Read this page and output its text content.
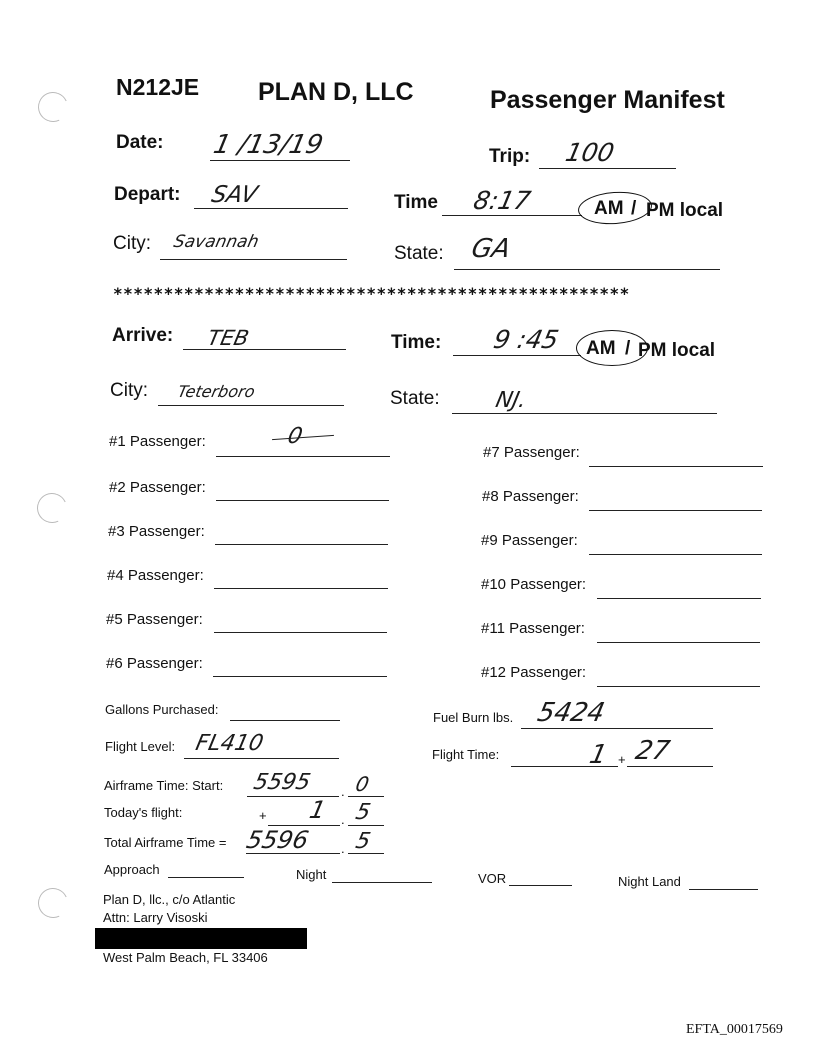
N212JE PLAN D, LLC	Passenger Manifest
Date: 1 /13/19	Trip: 100
Depart: SAV	Time 8:17	AM / PM local
City: Savannah
State: GA
***************************************************
Arrive: TEB	Time: 9 :45 AM / PM local
City: Teterboro	State: NJ.
#1 Passenger:	0
#2 Passenger:
#3 Passenger:
#4 Passenger:
#5 Passenger:
#6 Passenger:
#7 Passenger:
#8 Passenger:
#9 Passenger:
#10 Passenger:
#11 Passenger:
#12 Passenger:
Gallons Purchased:
Fuel Burn lbs. 5424
Flight Level: FL410	Flight Time:	1 + 27
Airframe Time: Start: 5595 . 0
Today's flight:	+ 1 . 5
Total Airframe Time = 5596 . 5
Approach	Night	VOR	Night Land
Plan D, llc., c/o Atlantic
Attn: Larry Visoski
West Palm Beach, FL 33406
EFTA_00017569
